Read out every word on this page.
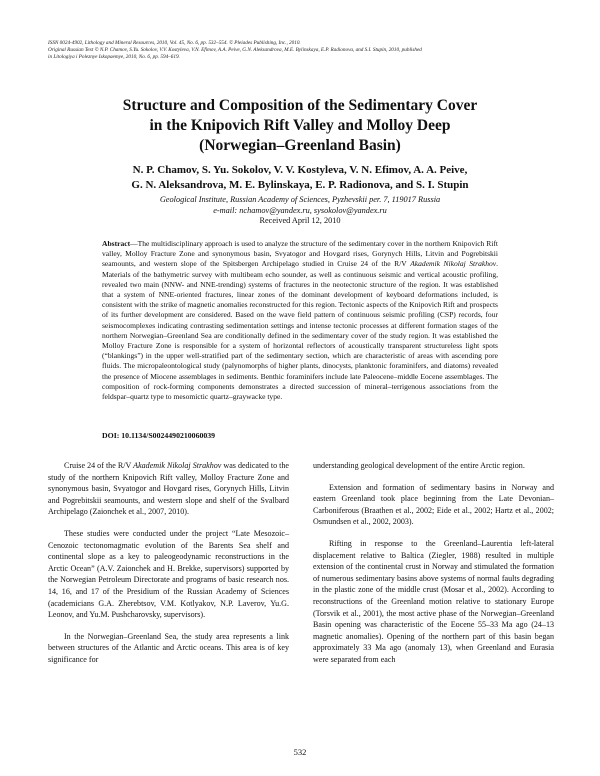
ISSN 0024-4902, Lithology and Mineral Resources, 2010, Vol. 45, No. 6, pp. 532–554. © Pleiades Publishing, Inc., 2010.
Original Russian Text © N.P. Chamov, S.Yu. Sokolov, V.V. Kostyleva, V.N. Efimov, A.A. Peive, G.N. Aleksandrova, M.E. Bylinskaya, E.P. Radionova, and S.I. Stupin, 2010, published
in Litologiya i Poleznye Iskopaemye, 2010, No. 6, pp. 594–619.
Structure and Composition of the Sedimentary Cover
in the Knipovich Rift Valley and Molloy Deep
(Norwegian–Greenland Basin)
N. P. Chamov, S. Yu. Sokolov, V. V. Kostyleva, V. N. Efimov, A. A. Peive,
G. N. Aleksandrova, M. E. Bylinskaya, E. P. Radionova, and S. I. Stupin
Geological Institute, Russian Academy of Sciences, Pyzhevskii per. 7, 119017 Russia
e-mail: nchamov@yandex.ru, sysokolov@yandex.ru
Received April 12, 2010
Abstract—The multidisciplinary approach is used to analyze the structure of the sedimentary cover in the northern Knipovich Rift valley, Molloy Fracture Zone and synonymous basin, Svyatogor and Hovgard rises, Gorynych Hills, Litvin and Pogrebitskii seamounts, and western slope of the Spitsbergen Archipelago studied in Cruise 24 of the R/V Akademik Nikolaj Strakhov. Materials of the bathymetric survey with multibeam echo sounder, as well as continuous seismic and vertical acoustic profiling, revealed two main (NNW- and NNE-trending) systems of fractures in the neotectonic structure of the region. It was established that a system of NNE-oriented fractures, linear zones of the dominant development of keyboard deformations included, is consistent with the strike of magnetic anomalies reconstructed for this region. Tectonic aspects of the Knipovich Rift and prospects of its further development are considered. Based on the wave field pattern of continuous seismic profiling (CSP) records, four seismocomplexes indicating contrasting sedimentation settings and intense tectonic processes at different formation stages of the northern Norwegian–Greenland Sea are conditionally defined in the sedimentary cover of the study region. It was established the Molloy Fracture Zone is responsible for a system of horizontal reflectors of acoustically transparent structureless light spots (“blankings”) in the upper well-stratified part of the sedimentary section, which are characteristic of areas with ascending pore fluids. The micropaleontological study (palynomorphs of higher plants, dinocysts, planktonic foraminifers, and diatoms) revealed the presence of Miocene assemblages in sediments. Benthic foraminifers include late Paleocene–middle Eocene assemblages. The composition of rock-forming components demonstrates a directed succession of mineral–terrigenous associations from the feldspar–quartz type to mesomictic quartz–graywacke type.
DOI: 10.1134/S0024490210060039
Cruise 24 of the R/V Akademik Nikolaj Strakhov was dedicated to the study of the northern Knipovich Rift valley, Molloy Fracture Zone and synonymous basin, Svyatogor and Hovgard rises, Gorynych Hills, Litvin and Pogrebitskii seamounts, and western slope and shelf of the Svalbard Archipelago (Zaionchek et al., 2007, 2010).
These studies were conducted under the project “Late Mesozoic–Cenozoic tectonomagmatic evolution of the Barents Sea shelf and continental slope as a key to paleogeodynamic reconstructions in the Arctic Ocean” (A.V. Zaionchek and H. Brekke, supervisors) supported by the Norwegian Petroleum Directorate and programs of basic research nos. 14, 16, and 17 of the Presidium of the Russian Academy of Sciences (academicians G.A. Zherebtsov, V.M. Kotlyakov, N.P. Laverov, Yu.G. Leonov, and Yu.M. Pushcharovsky, supervisors).
In the Norwegian–Greenland Sea, the study area represents a link between structures of the Atlantic and Arctic oceans. This area is of key significance for
understanding geological development of the entire Arctic region.
Extension and formation of sedimentary basins in Norway and eastern Greenland took place beginning from the Late Devonian–Carboniferous (Braathen et al., 2002; Eide et al., 2002; Hartz et al., 2002; Osmundsen et al., 2002, 2003).
Rifting in response to the Greenland–Laurentia left-lateral displacement relative to Baltica (Ziegler, 1988) resulted in multiple extension of the continental crust in Norway and stimulated the formation of numerous sedimentary basins above systems of normal faults degrading in the plastic zone of the middle crust (Mosar et al., 2002). According to reconstructions of the Greenland motion relative to stationary Europe (Torsvik et al., 2001), the most active phase of the Norwegian–Greenland Basin opening was characteristic of the Eocene 55–33 Ma ago (24–13 magnetic anomalies). Opening of the northern part of this basin began approximately 33 Ma ago (anomaly 13), when Greenland and Eurasia were separated from each
532
